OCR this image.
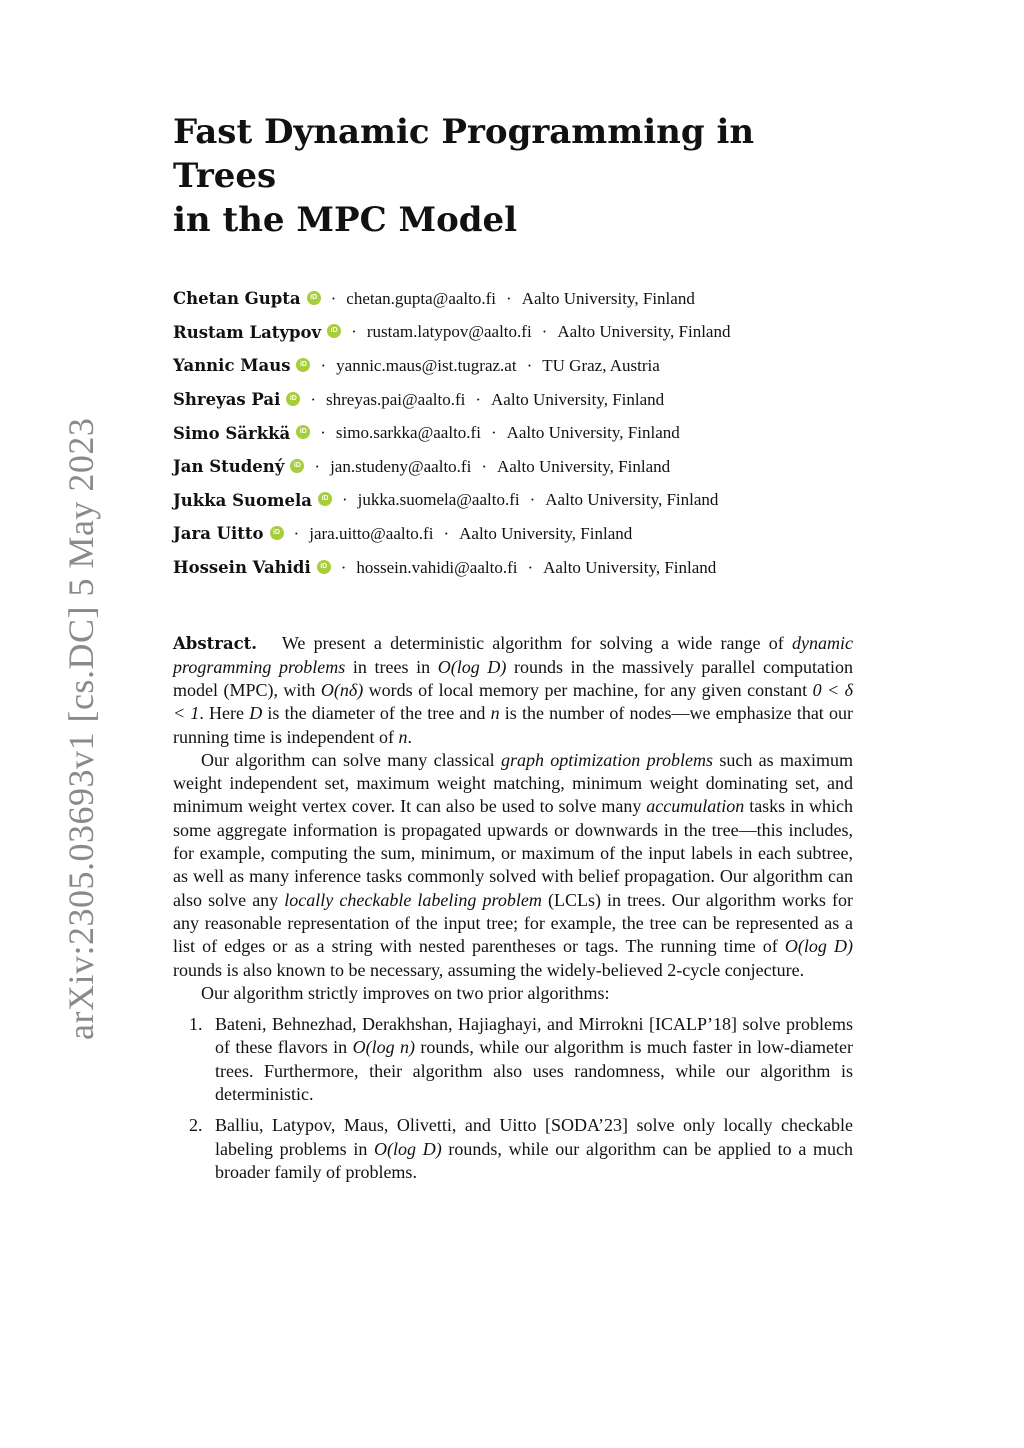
arXiv:2305.03693v1 [cs.DC] 5 May 2023
Fast Dynamic Programming in Trees
in the MPC Model
Chetan Gupta iD · chetan.gupta@aalto.fi · Aalto University, Finland
Rustam Latypov iD · rustam.latypov@aalto.fi · Aalto University, Finland
Yannic Maus iD · yannic.maus@ist.tugraz.at · TU Graz, Austria
Shreyas Pai iD · shreyas.pai@aalto.fi · Aalto University, Finland
Simo Särkkä iD · simo.sarkka@aalto.fi · Aalto University, Finland
Jan Studený iD · jan.studeny@aalto.fi · Aalto University, Finland
Jukka Suomela iD · jukka.suomela@aalto.fi · Aalto University, Finland
Jara Uitto iD · jara.uitto@aalto.fi · Aalto University, Finland
Hossein Vahidi iD · hossein.vahidi@aalto.fi · Aalto University, Finland

Abstract. We present a deterministic algorithm for solving a wide range of dynamic programming problems in trees in O(log D) rounds in the massively parallel computation model (MPC), with O(nδ) words of local memory per machine, for any given constant 0 < δ < 1. Here D is the diameter of the tree and n is the number of nodes—we emphasize that our running time is independent of n.

Our algorithm can solve many classical graph optimization problems such as maximum weight independent set, maximum weight matching, minimum weight dominating set, and minimum weight vertex cover. It can also be used to solve many accumulation tasks in which some aggregate information is propagated upwards or downwards in the tree—this includes, for example, computing the sum, minimum, or maximum of the input labels in each subtree, as well as many inference tasks commonly solved with belief propagation. Our algorithm can also solve any locally checkable labeling problem (LCLs) in trees. Our algorithm works for any reasonable representation of the input tree; for example, the tree can be represented as a list of edges or as a string with nested parentheses or tags. The running time of O(log D) rounds is also known to be necessary, assuming the widely-believed 2-cycle conjecture.

Our algorithm strictly improves on two prior algorithms:

1. Bateni, Behnezhad, Derakhshan, Hajiaghayi, and Mirrokni [ICALP’18] solve problems of these flavors in O(log n) rounds, while our algorithm is much faster in low-diameter trees. Furthermore, their algorithm also uses randomness, while our algorithm is deterministic.
2. Balliu, Latypov, Maus, Olivetti, and Uitto [SODA’23] solve only locally checkable labeling problems in O(log D) rounds, while our algorithm can be applied to a much broader family of problems.
